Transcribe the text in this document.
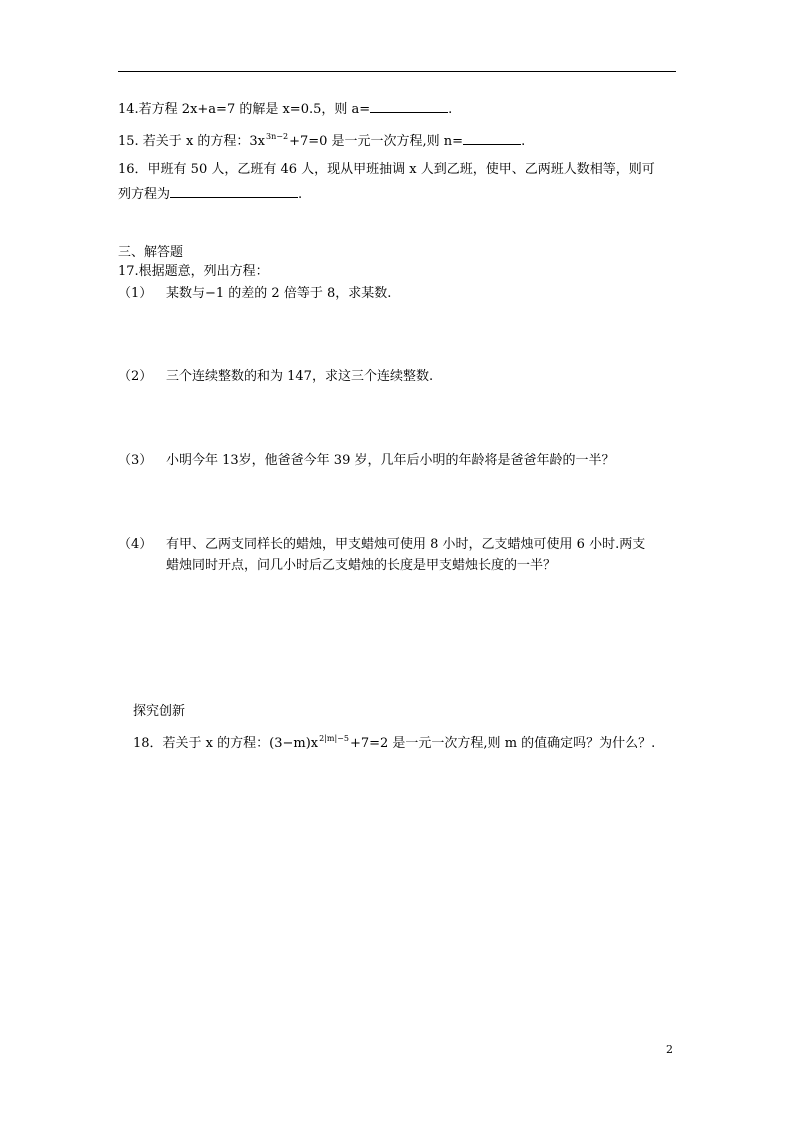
14.若方程 2x+a=7 的解是 x=0.5，则 a=	.
15. 若关于 x 的方程：$3x^{3n-2}+7=0$ 是一元一次方程,则 n=	.
16．甲班有 50 人，乙班有 46 人，现从甲班抽调 x 人到乙班，使甲、乙两班人数相等，则可
列方程为	.
三、解答题
17.根据题意，列出方程：
（1） 某数与−1 的差的 2 倍等于 8，求某数.
（2） 三个连续整数的和为 147，求这三个连续整数.
（3） 小明今年 13岁，他爸爸今年 39 岁，几年后小明的年龄将是爸爸年龄的一半？
（4） 有甲、乙两支同样长的蜡烛，甲支蜡烛可使用 8 小时，乙支蜡烛可使用 6 小时.两支
蜡烛同时开点，问几小时后乙支蜡烛的长度是甲支蜡烛长度的一半？
探究创新
18．若关于 x 的方程：$(3-m)x^{2|m|-5}+7=2$ 是一元一次方程,则 m 的值确定吗？为什么？.
2
